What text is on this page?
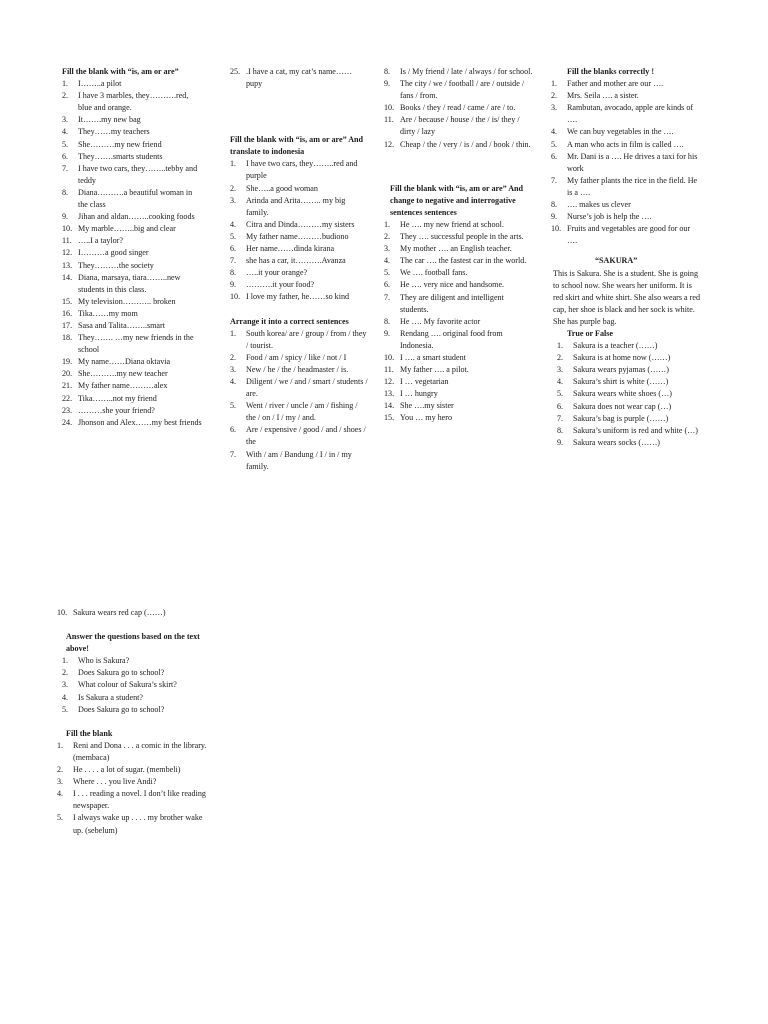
Fill the blank with “is, am or are”
1. I……..a pilot
2. I have 3 marbles, they……….red, blue and orange.
3. It…….my new bag
4. They……my teachers
5. She………my new friend
6. They…….smarts students
7. I have two cars, they……..tebby and teddy
8. Diana……….a beautiful woman in the class
9. Jihan and aldan……..cooking foods
10. My marble……..big and clear
11. …..I a taylor?
12. I………a good singer
13. They………the society
14. Diana, marsaya, tiara……..new students in this class.
15. My television……….. broken
16. Tika……my mom
17. Sasa and Talita……..smart
18. They……. …my new friends in the school
19. My name……Diana oktavia
20. She……….my new teacher
21. My father name………alex
22. Tika……..not my friend
23. ………she your friend?
24. Jhonson and Alex……my best friends
25. .I have a cat, my cat’s name……pupy
Fill the blank with “is, am or are” And translate to indonesia
1. I have two cars, they……..red and purple
2. She…..a good woman
3. Arinda and Arita…….. my big family.
4. Citra and Dinda………my sisters
5. My father name………budiono
6. Her name……dinda kirana
7. she has a car, it……….Avanza
8. …..it your orange?
9. ……….it your food?
10. I love my father, he……so kind
Arrange it into a correct sentences
1. South korea/ are / group / from / they / tourist.
2. Food / am / spicy / like / not / I
3. New / he / the / headmaster / is.
4. Diligent / we / and / smart / students / are.
5. Went / river / uncle / am / fishing / the / on / I / my / and.
6. Are / expensive / good / and / shoes / the
7. With / am / Bandung / I / in / my family.
8. Is / My friend / late / always / for school.
9. The city / we / football / are / outside / fans / from.
10. Books / they / read / came / are / to.
11. Are / because / house / the / is/ they / dirty / lazy
12. Cheap / the / very / is / and / book / thin.
Fill the blank with “is, am or are” And change to negative and interrogative sentences sentences
1. He …. my new friend at school.
2. They …. successful people in the arts.
3. My mother …. an English teacher.
4. The car …. the fastest car in the world.
5. We …. football fans.
6. He …. very nice and handsome.
7. They are diligent and intelligent students.
8. He …. My favorite actor
9. Rendang …. original food from Indonesia.
10. I …. a smart student
11. My father …. a pilot.
12. I … vegetarian
13. I … hungry
14. She ….my sister
15. You … my hero
Fill the blanks correctly !
1. Father and mother are our ….
2. Mrs. Seila …. a sister.
3. Rambutan, avocado, apple are kinds of ….
4. We can buy vegetables in the ….
5. A man who acts in film is called ….
6. Mr. Dani is a …. He drives a taxi for his work
7. My father plants the rice in the field. He is a ….
8. …. makes us clever
9. Nurse’s job is help the ….
10. Fruits and vegetables are good for our ….
“SAKURA”
This is Sakura. She is a student. She is going to school now. She wears her uniform. It is red skirt and white shirt. She also wears a red cap, her shoe is black and her sock is white. She has purple bag.
True or False
1. Sakura is a teacher (……)
2. Sakura is at home now (……)
3. Sakura wears pyjamas (……)
4. Sakura’s shirt is white (……)
5. Sakura wears white shoes (…)
6. Sakura does not wear cap (…)
7. Sakura’s bag is purple (……)
8. Sakura’s uniform is red and white (…)
9. Sakura wears socks (……)
10. Sakura wears red cap (……)
Answer the questions based on the text above!
1. Who is Sakura?
2. Does Sakura go to school?
3. What colour of Sakura’s skirt?
4. Is Sakura a student?
5. Does Sakura go to school?
Fill the blank
1. Reni and Dona . . . a comic in the library. (membaca)
2. He . . . . a lot of sugar. (membeli)
3. Where . . . you live Andi?
4. I . . . reading a novel. I don’t like reading newspaper.
5. I always wake up . . . . my brother wake up. (sebelum)
